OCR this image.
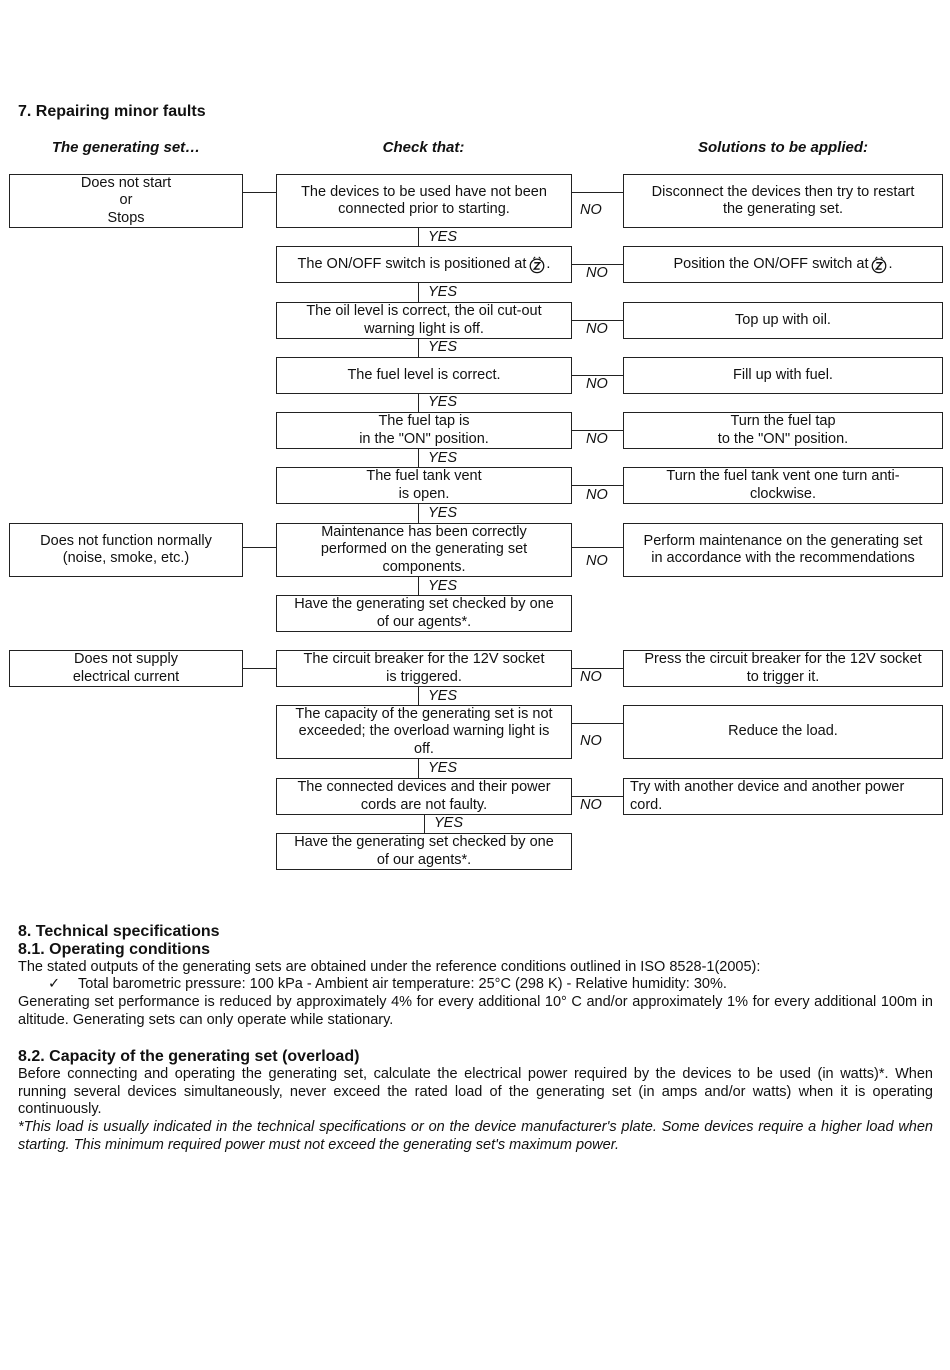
7. Repairing minor faults
The generating set…	Check that:	Solutions to be applied:
Does not start
or
Stops
Does not function normally
(noise, smoke, etc.)
Does not supply
electrical current
The devices to be used have not been
connected prior to starting.
The ON/OFF switch is positioned at .
The oil level is correct, the oil cut-out
warning light is off.
The fuel level is correct.
The fuel tap is
in the "ON" position.
The fuel tank vent
is open.
Maintenance has been correctly
performed on the generating set
components.
Have the generating set checked by one
of our agents*.
The circuit breaker for the 12V socket
is triggered.
The capacity of the generating set is not
exceeded; the overload warning light is
off.
The connected devices and their power
cords are not faulty.
Have the generating set checked by one
of our agents*.
YES
YES
YES
YES
YES
YES
YES
YES
YES
YES
NO
NO
NO
NO
NO
NO
NO
NO
NO
NO
Disconnect the devices then try to restart
the generating set.
Position the ON/OFF switch at .
Top up with oil.
Fill up with fuel.
Turn the fuel tap
to the "ON" position.
Turn the fuel tank vent one turn anti-
clockwise.
Perform maintenance on the generating set
in accordance with the recommendations
Press the circuit breaker for the 12V socket
to trigger it.
Reduce the load.
Try with another device and another power
cord.
8. Technical specifications
8.1. Operating conditions
The stated outputs of the generating sets are obtained under the reference conditions outlined in ISO 8528-1(2005):
✓ Total barometric pressure: 100 kPa - Ambient air temperature: 25°C (298 K) - Relative humidity: 30%.
Generating set performance is reduced by approximately 4% for every additional 10° C and/or approximately 1% for every additional 100m in altitude. Generating sets can only operate while stationary.
8.2. Capacity of the generating set (overload)
Before connecting and operating the generating set, calculate the electrical power required by the devices to be used (in watts)*. When running several devices simultaneously, never exceed the rated load of the generating set (in amps and/or watts) when it is operating continuously.
*This load is usually indicated in the technical specifications or on the device manufacturer's plate. Some devices require a higher load when starting. This minimum required power must not exceed the generating set's maximum power.
